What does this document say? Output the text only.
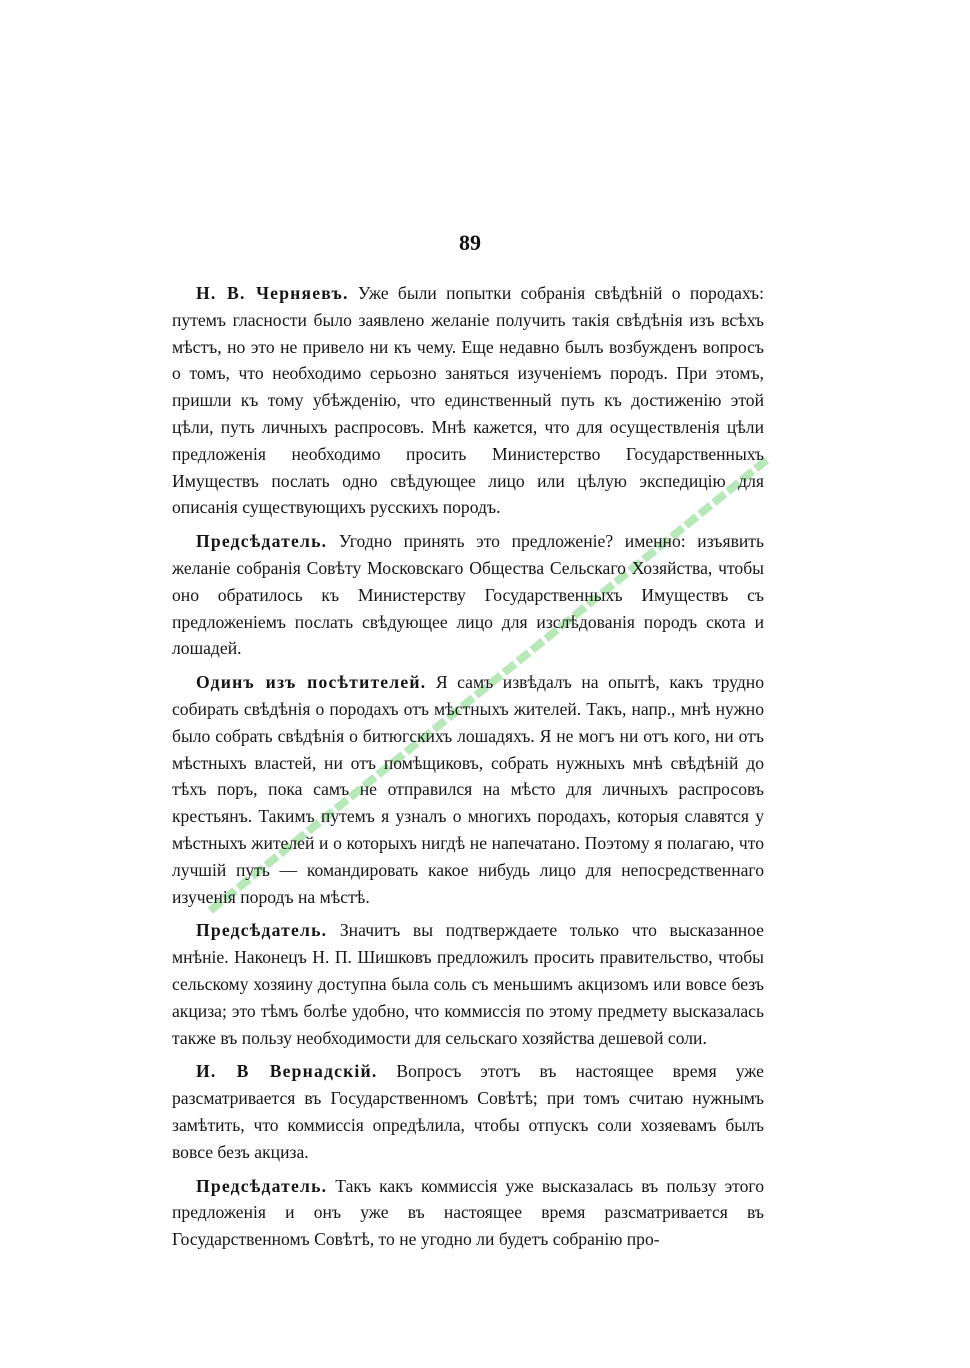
89

Н. В. Черняевъ. Уже были попытки собранія свѣдѣній о породахъ: путемъ гласности было заявлено желаніе получить такія свѣдѣнія изъ всѣхъ мѣстъ, но это не привело ни къ чему. Еще недавно былъ возбужденъ вопросъ о томъ, что необходимо серьозно заняться изученіемъ породъ. При этомъ, пришли къ тому убѣжденію, что единственный путь къ достиженію этой цѣли, путь личныхъ распросовъ. Мнѣ кажется, что для осуществленія цѣли предложенія необходимо просить Министерство Государственныхъ Имуществъ послать одно свѣдующее лицо или цѣлую экспедицію для описанія существующихъ русскихъ породъ.

Предсѣдатель. Угодно принять это предложеніе? именно: изъявить желаніе собранія Совѣту Московскаго Общества Сельскаго Хозяйства, чтобы оно обратилось къ Министерству Государственныхъ Имуществъ съ предложеніемъ послать свѣдующее лицо для изслѣдованія породъ скота и лошадей.

Одинъ изъ посѣтителей. Я самъ извѣдалъ на опытѣ, какъ трудно собирать свѣдѣнія о породахъ отъ мѣстныхъ жителей. Такъ, напр., мнѣ нужно было собрать свѣдѣнія о битюгскихъ лошадяхъ. Я не могъ ни отъ кого, ни отъ мѣстныхъ властей, ни отъ помѣщиковъ, собрать нужныхъ мнѣ свѣдѣній до тѣхъ поръ, пока самъ не отправился на мѣсто для личныхъ распросовъ крестьянъ. Такимъ путемъ я узналъ о многихъ породахъ, которыя славятся у мѣстныхъ жителей и о которыхъ нигдѣ не напечатано. Поэтому я полагаю, что лучшій путь — командировать какое нибудь лицо для непосредственнаго изученія породъ на мѣстѣ.

Предсѣдатель. Значитъ вы подтверждаете только что высказанное мнѣніе. Наконецъ Н. П. Шишковъ предложилъ просить правительство, чтобы сельскому хозяину доступна была соль съ меньшимъ акцизомъ или вовсе безъ акциза; это тѣмъ болѣе удобно, что коммиссія по этому предмету высказалась также въ пользу необходимости для сельскаго хозяйства дешевой соли.

И. В Вернадскій. Вопросъ этотъ въ настоящее время уже разсматривается въ Государственномъ Совѣтѣ; при томъ считаю нужнымъ замѣтить, что коммиссія опредѣлила, чтобы отпускъ соли хозяевамъ былъ вовсе безъ акциза.

Предсѣдатель. Такъ какъ коммиссія уже высказалась въ пользу этого предложенія и онъ уже въ настоящее время разсматривается въ Государственномъ Совѣтѣ, то не угодно ли будетъ собранію про-
